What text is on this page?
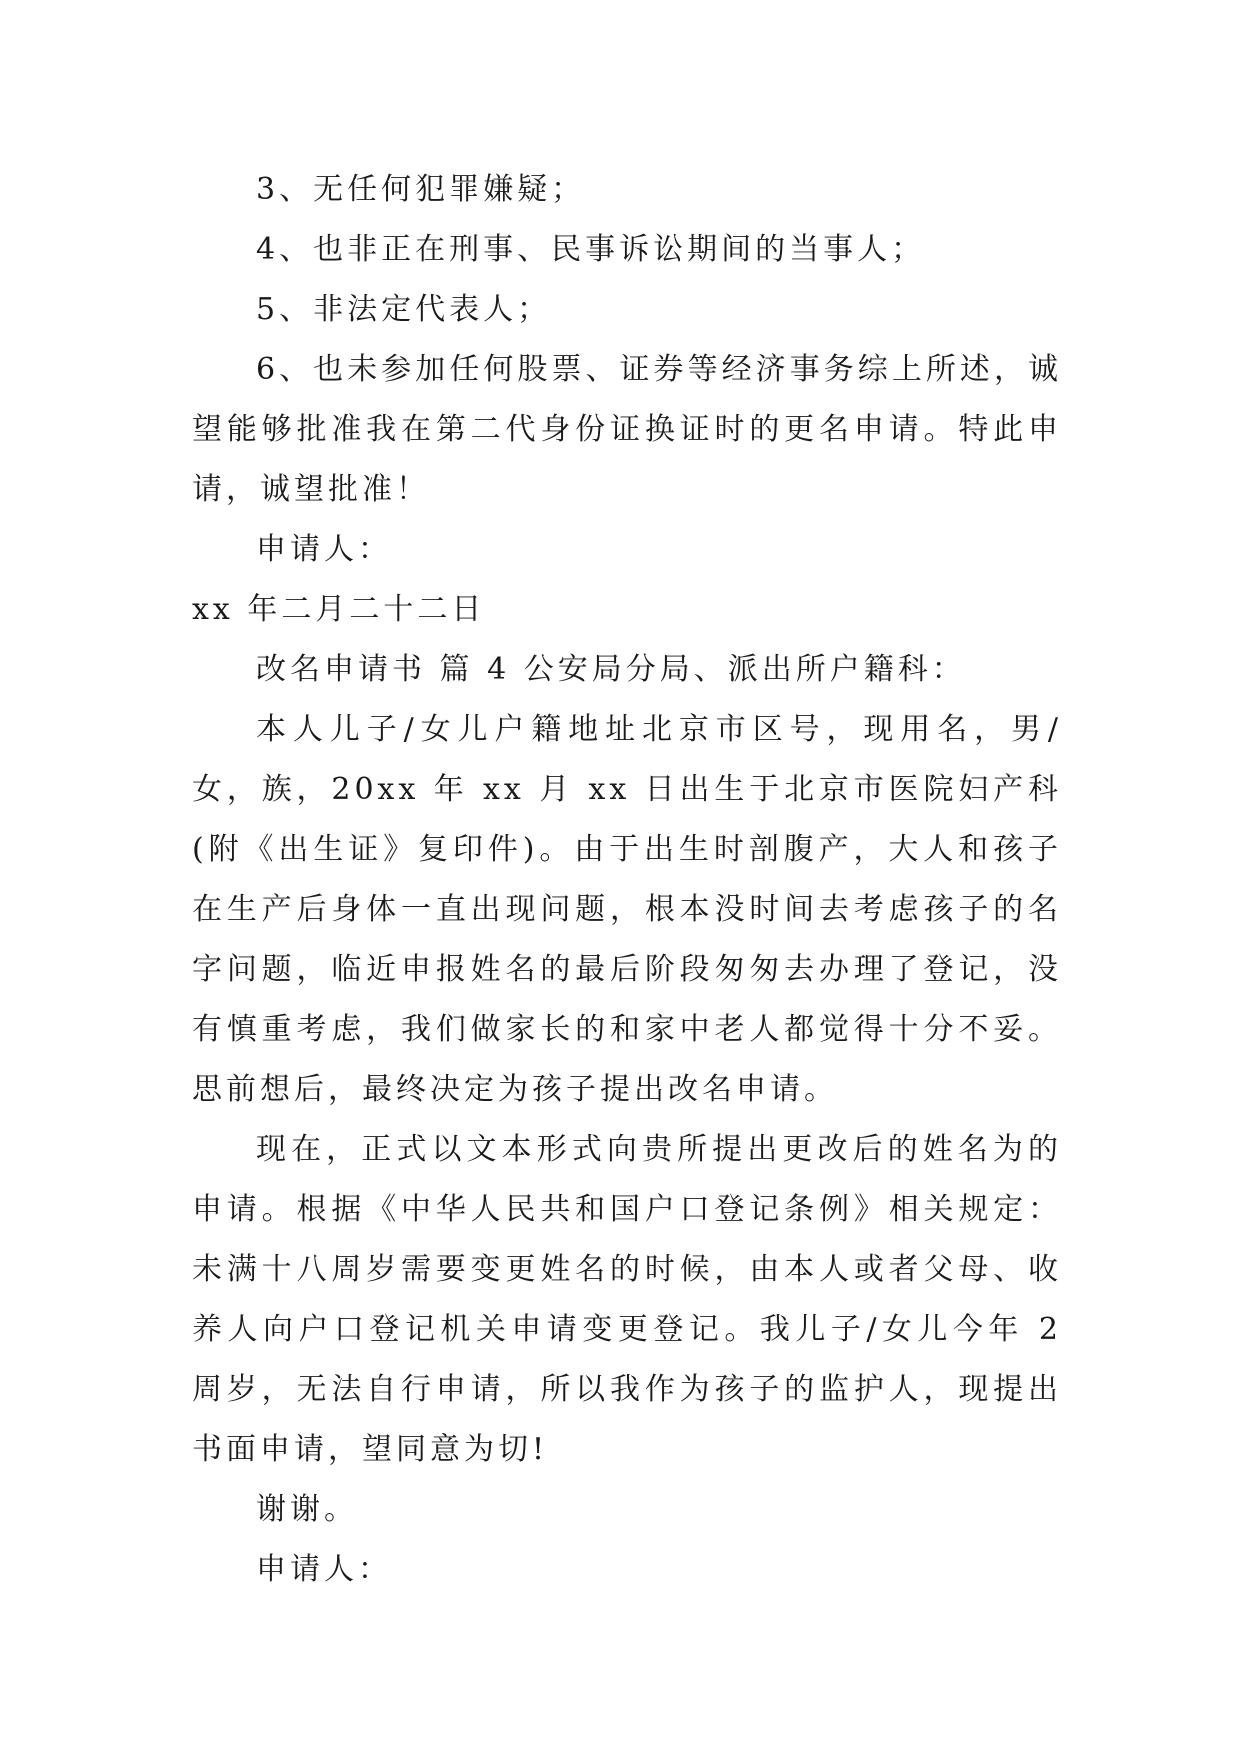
3、无任何犯罪嫌疑；

4、也非正在刑事、民事诉讼期间的当事人；

5、非法定代表人；

6、也未参加任何股票、证券等经济事务综上所述，诚望能够批准我在第二代身份证换证时的更名申请。特此申请，诚望批准！

申请人：

xx 年二月二十二日

改名申请书 篇 4 公安局分局、派出所户籍科：

本人儿子/女儿户籍地址北京市区号，现用名，男/女，族，20xx 年 xx 月 xx 日出生于北京市医院妇产科(附《出生证》复印件)。由于出生时剖腹产，大人和孩子在生产后身体一直出现问题，根本没时间去考虑孩子的名字问题，临近申报姓名的最后阶段匆匆去办理了登记，没有慎重考虑，我们做家长的和家中老人都觉得十分不妥。思前想后，最终决定为孩子提出改名申请。

现在，正式以文本形式向贵所提出更改后的姓名为的申请。根据《中华人民共和国户口登记条例》相关规定：未满十八周岁需要变更姓名的时候，由本人或者父母、收养人向户口登记机关申请变更登记。我儿子/女儿今年 2 周岁，无法自行申请，所以我作为孩子的监护人，现提出书面申请，望同意为切!

谢谢。

申请人：
